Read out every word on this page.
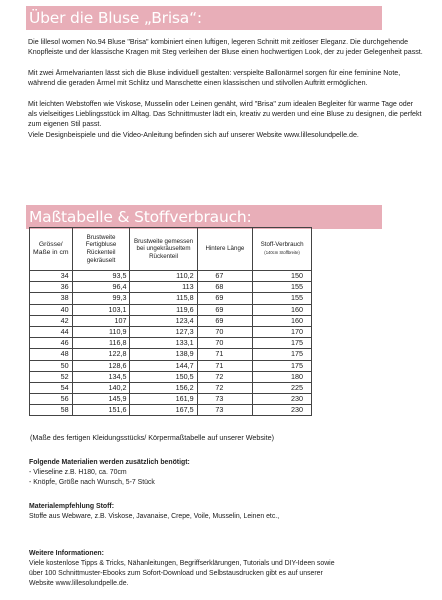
Über die Bluse „Brisa“:

Die lillesol women No.94 Bluse "Brisa" kombiniert einen luftigen, legeren Schnitt mit zeitloser Eleganz. Die durchgehende Knopfleiste und der klassische Kragen mit Steg verleihen der Bluse einen hochwertigen Look, der zu jeder Gelegenheit passt.

Mit zwei Ärmelvarianten lässt sich die Bluse individuell gestalten: verspielte Ballonärmel sorgen für eine feminine Note, während die geraden Ärmel mit Schlitz und Manschette einen klassischen und stilvollen Auftritt ermöglichen.

Mit leichten Webstoffen wie Viskose, Musselin oder Leinen genäht, wird "Brisa" zum idealen Begleiter für warme Tage oder als vielseitiges Lieblingsstück im Alltag. Das Schnittmuster lädt ein, kreativ zu werden und eine Bluse zu designen, die perfekt zum eigenen Stil passt.

Viele Designbeispiele und die Video-Anleitung befinden sich auf unserer Website www.lillesolundpelle.de.

Maßtabelle & Stoffverbrauch:
Grösse/ Maße in cm	Brustweite Fertigbluse Rückenteil gekräuselt	Brustweite gemessen bei ungekräuseltem Rückenteil	Hintere Länge	Stoff-Verbrauch
(140cm Stoffbreite)

34	93,5	110,2	67	150
36	96,4	113	68	155
38	99,3	115,8	69	155
40	103,1	119,6	69	160
42	107	123,4	69	160
44	110,9	127,3	70	170
46	116,8	133,1	70	175
48	122,8	138,9	71	175
50	128,6	144,7	71	175
52	134,5	150,5	72	180
54	140,2	156,2	72	225
56	145,9	161,9	73	230
58	151,6	167,5	73	230
(Maße des fertigen Kleidungsstücks/ Körpermaßtabelle auf unserer Website)
Folgende Materialien werden zusätzlich benötigt:
- Vlieseline z.B. H180, ca. 70cm
- Knöpfe, Größe nach Wunsch, 5-7 Stück
Materialempfehlung Stoff:
Stoffe aus Webware, z.B. Viskose, Javanaise, Crepe, Voile, Musselin, Leinen etc.,
Weitere Informationen:
Viele kostenlose Tipps & Tricks, Nähanleitungen, Begriffserklärungen, Tutorials und DIY-Ideen sowie
über 100 Schnittmuster-Ebooks zum Sofort-Download und Selbstausdrucken gibt es auf unserer
Website www.lillesolundpelle.de.
